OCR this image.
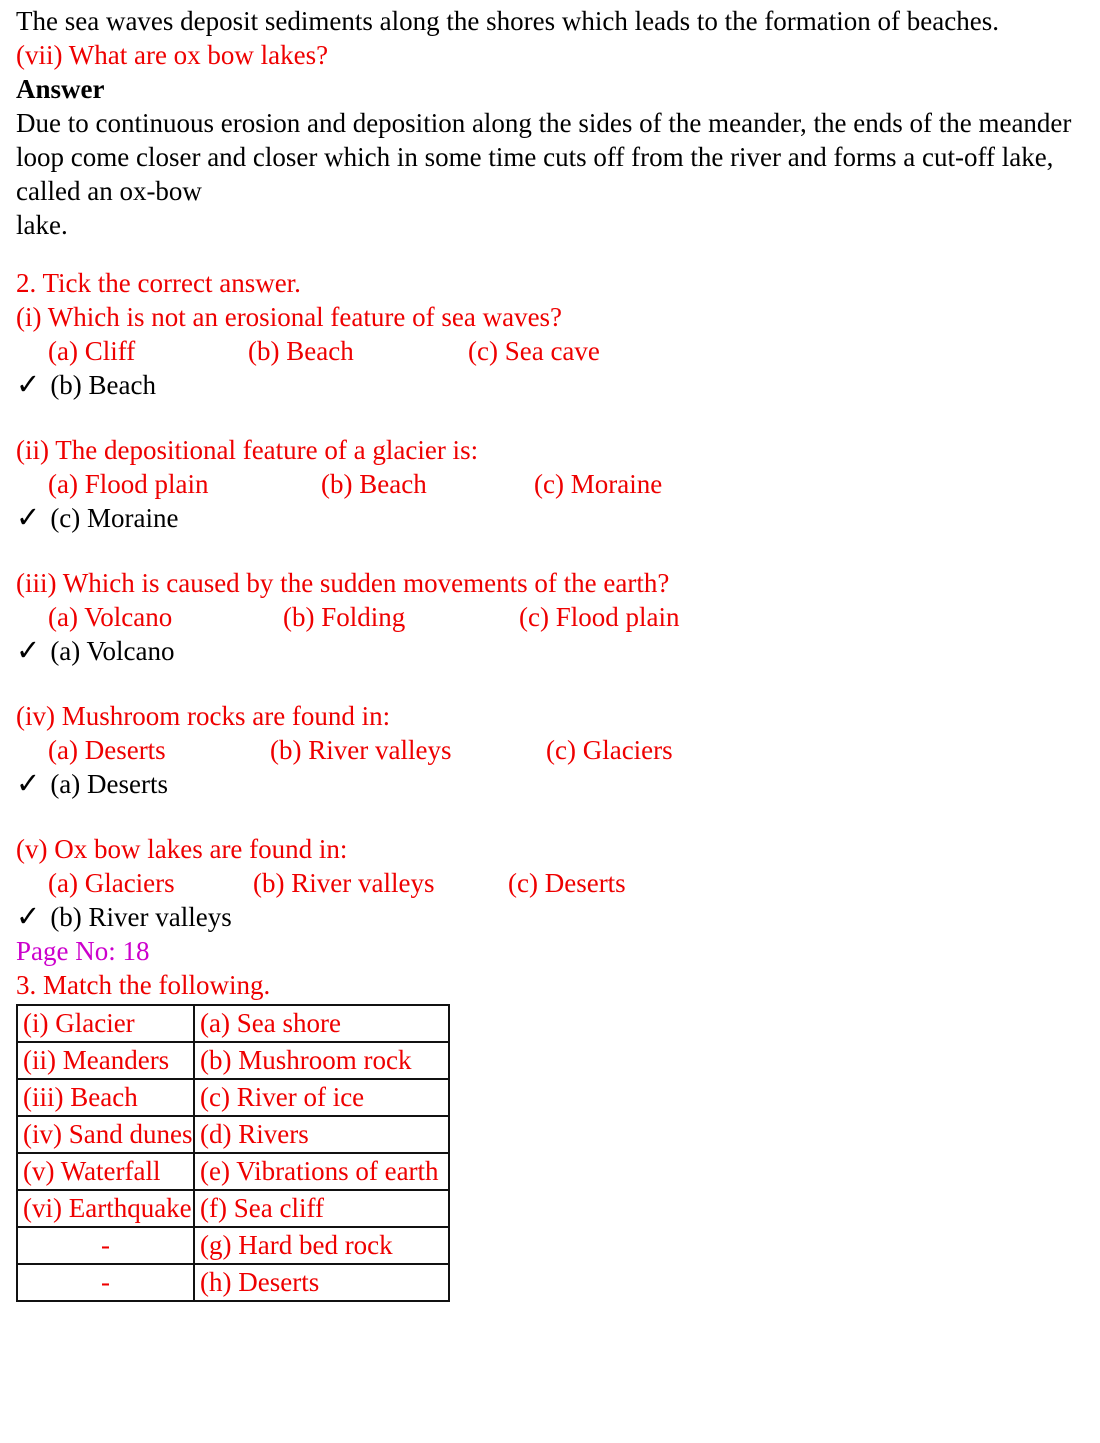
The sea waves deposit sediments along the shores which leads to the formation of beaches.

(vii) What are ox bow lakes?

Answer

Due to continuous erosion and deposition along the sides of the meander, the ends of the meander loop come closer and closer which in some time cuts off from the river and forms a cut-off lake, called an ox-bow
lake.

2. Tick the correct answer.
(i) Which is not an erosional feature of sea waves?
(a) Cliff	(b) Beach	(c) Sea cave
✓ (b) Beach
(ii) The depositional feature of a glacier is:
(a) Flood plain	(b) Beach	(c) Moraine
✓ (c) Moraine
(iii) Which is caused by the sudden movements of the earth?
(a) Volcano	(b) Folding	(c) Flood plain
✓ (a) Volcano
(iv) Mushroom rocks are found in:
(a) Deserts	(b) River valleys	(c) Glaciers
✓ (a) Deserts
(v) Ox bow lakes are found in:
(a) Glaciers	(b) River valleys	(c) Deserts
✓ (b) River valleys
Page No: 18
3. Match the following.
(i) Glacier	(a) Sea shore
(ii) Meanders	(b) Mushroom rock
(iii) Beach	(c) River of ice
(iv) Sand dunes	(d) Rivers
(v) Waterfall	(e) Vibrations of earth
(vi) Earthquake	(f) Sea cliff
-	(g) Hard bed rock
-	(h) Deserts
